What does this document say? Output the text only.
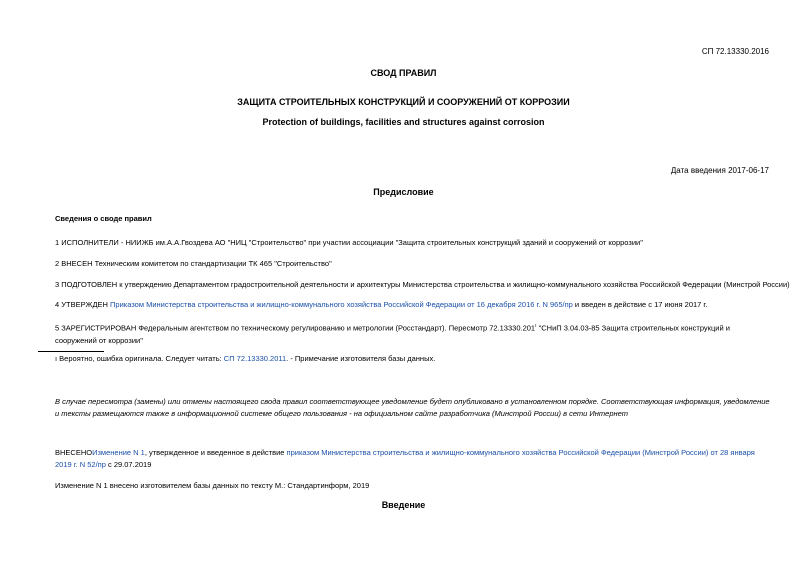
СП 72.13330.2016
СВОД ПРАВИЛ
ЗАЩИТА СТРОИТЕЛЬНЫХ КОНСТРУКЦИЙ И СООРУЖЕНИЙ ОТ КОРРОЗИИ
Protection of buildings, facilities and structures against corrosion
Дата введения 2017-06-17
Предисловие
Сведения о своде правил
1 ИСПОЛНИТЕЛИ - НИИЖБ им.А.А.Гвоздева АО "НИЦ "Строительство" при участии ассоциации "Защита строительных конструкций зданий и сооружений от коррозии"
2 ВНЕСЕН Техническим комитетом по стандартизации ТК 465 "Строительство"
3 ПОДГОТОВЛЕН к утверждению Департаментом градостроительной деятельности и архитектуры Министерства строительства и жилищно-коммунального хозяйства Российской Федерации (Минстрой России)
4 УТВЕРЖДЕН Приказом Министерства строительства и жилищно-коммунального хозяйства Российской Федерации от 16 декабря 2016 г. N 965/пр и введен в действие с 17 июня 2017 г.
5 ЗАРЕГИСТРИРОВАН Федеральным агентством по техническому регулированию и метрологии (Росстандарт). Пересмотр $72.13330.201^ı$ "СНиП 3.04.03-85 Защита строительных конструкций и сооружений от коррозии"
ı Вероятно, ошибка оригинала. Следует читать: СП 72.13330.2011. - Примечание изготовителя базы данных.
В случае пересмотра (замены) или отмены настоящего свода правил соответствующее уведомление будет опубликовано в установленном порядке. Соответствующая информация, уведомление и тексты размещаются также в информационной системе общего пользования - на официальном сайте разработчика (Минстрой России) в сети Интернет
ВНЕСЕНОИзменение N 1, утвержденное и введенное в действие приказом Министерства строительства и жилищно-коммунального хозяйства Российской Федерации (Минстрой России) от 28 января 2019 г. N 52/пр с 29.07.2019
Изменение N 1 внесено изготовителем базы данных по тексту М.: Стандартинформ, 2019
Введение
